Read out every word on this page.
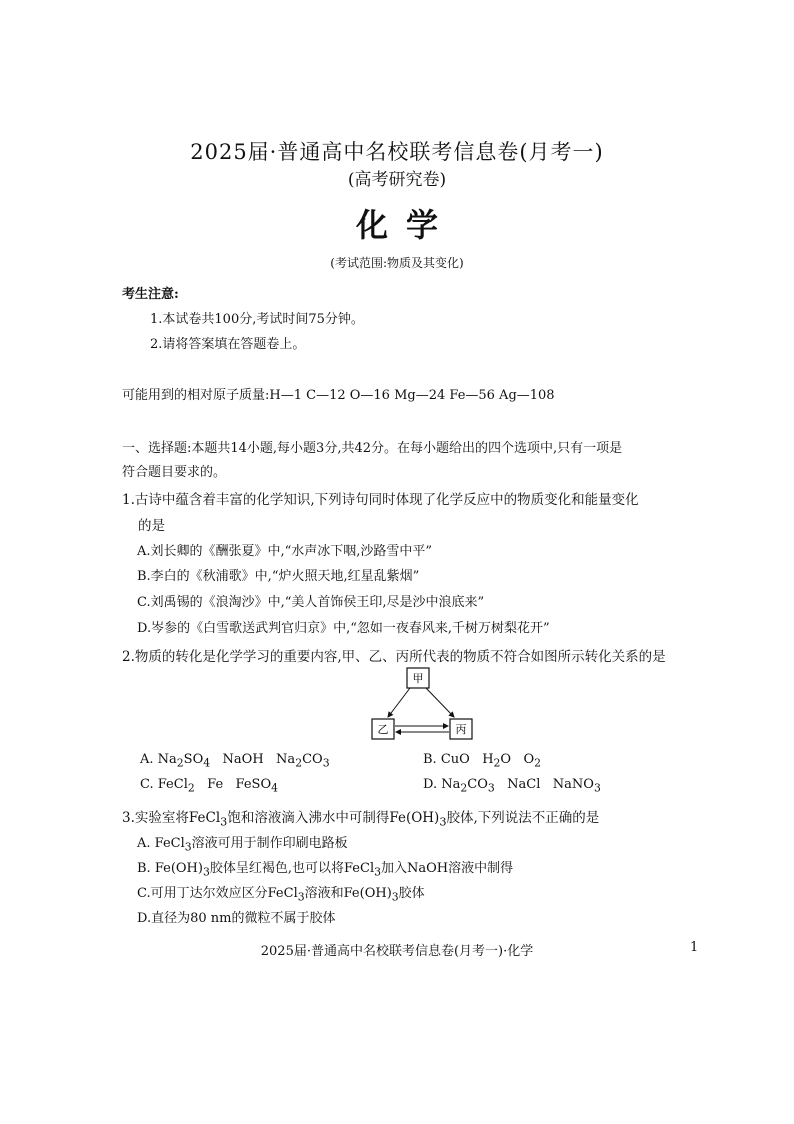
2025届·普通高中名校联考信息卷(月考一)
(高考研究卷)
化学
(考试范围:物质及其变化)
考生注意:
1.本试卷共100分,考试时间75分钟。
2.请将答案填在答题卷上。
可能用到的相对原子质量:H—1 C—12 O—16 Mg—24 Fe—56 Ag—108
一、选择题:本题共14小题,每小题3分,共42分。在每小题给出的四个选项中,只有一项是
符合题目要求的。
1.古诗中蕴含着丰富的化学知识,下列诗句同时体现了化学反应中的物质变化和能量变化
的是
A.刘长卿的《酬张夏》中,“水声冰下咽,沙路雪中平”
B.李白的《秋浦歌》中,“炉火照天地,红星乱紫烟”
C.刘禹锡的《浪淘沙》中,“美人首饰侯王印,尽是沙中浪底来”
D.岑参的《白雪歌送武判官归京》中,“忽如一夜春风来,千树万树梨花开”
2.物质的转化是化学学习的重要内容,甲、乙、丙所代表的物质不符合如图所示转化关系的是
甲
乙	丙
A. $Na_2SO_4$   NaOH   $Na_2CO_3$	B. CuO   $H_2O$   $O_2$
C. FeCl$_2$   Fe   FeSO$_4$	D. $Na_2CO_3$   NaCl   NaNO$_3$
3.实验室将FeCl$_3$饱和溶液滴入沸水中可制得$Fe(OH)_3$胶体,下列说法不正确的是
A. FeCl$_3$溶液可用于制作印刷电路板
B. $Fe(OH)_3$胶体呈红褐色,也可以将FeCl$_3$加入NaOH溶液中制得
C.可用丁达尔效应区分FeCl$_3$溶液和$Fe(OH)_3$胶体
D.直径为80 nm的微粒不属于胶体
2025届·普通高中名校联考信息卷(月考一)·化学	1
